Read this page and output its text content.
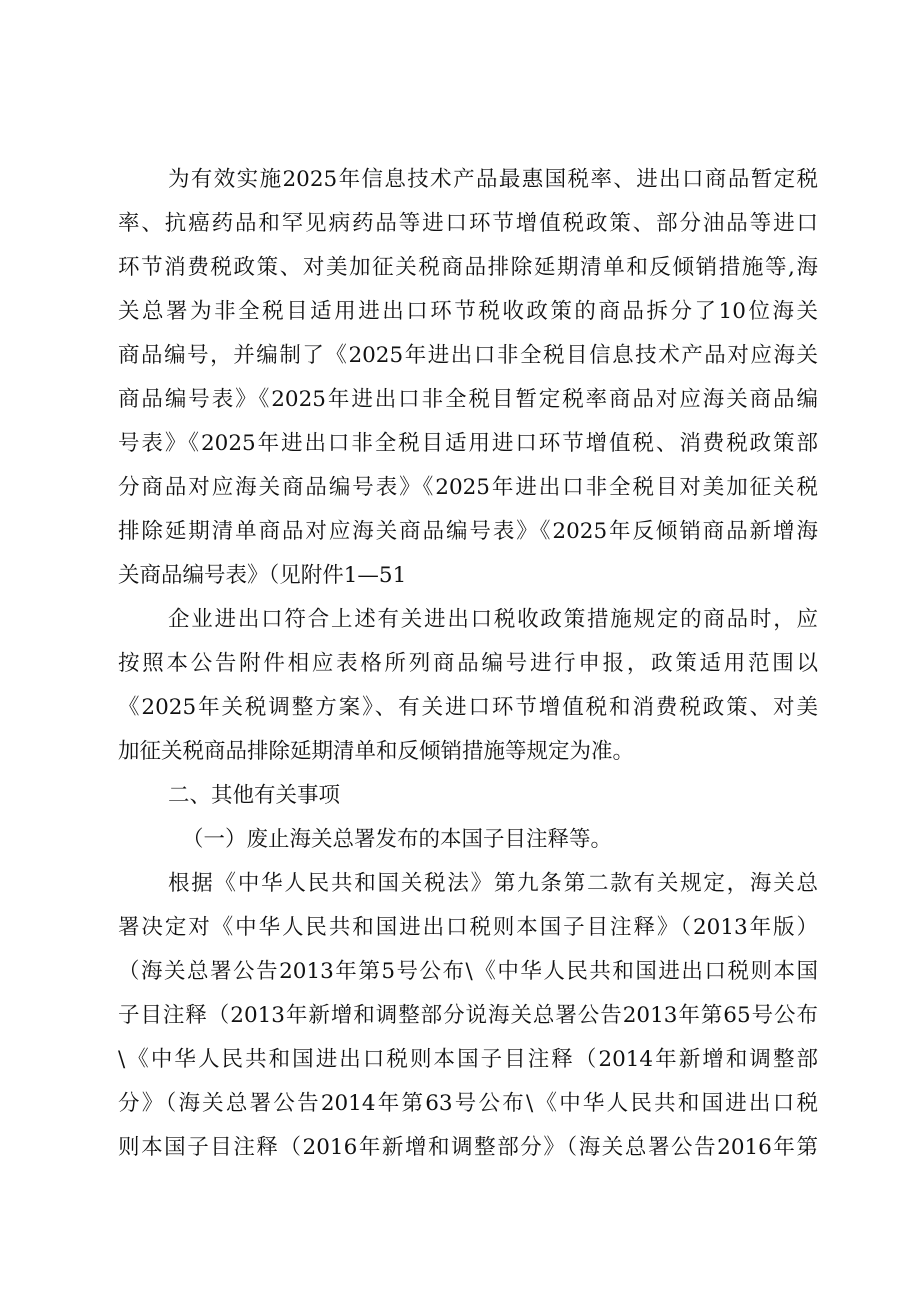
为有效实施2025年信息技术产品最惠国税率、进出口商品暂定税
率、抗癌药品和罕见病药品等进口环节增值税政策、部分油品等进口
环节消费税政策、对美加征关税商品排除延期清单和反倾销措施等,海
关总署为非全税目适用进出口环节税收政策的商品拆分了10位海关
商品编号，并编制了《2025年进出口非全税目信息技术产品对应海关
商品编号表》《2025年进出口非全税目暂定税率商品对应海关商品编
号表》《2025年进出口非全税目适用进口环节增值税、消费税政策部
分商品对应海关商品编号表》《2025年进出口非全税目对美加征关税
排除延期清单商品对应海关商品编号表》《2025年反倾销商品新增海
关商品编号表》（见附件1—51
企业进出口符合上述有关进出口税收政策措施规定的商品时，应
按照本公告附件相应表格所列商品编号进行申报，政策适用范围以
《2025年关税调整方案》、有关进口环节增值税和消费税政策、对美
加征关税商品排除延期清单和反倾销措施等规定为准。
二、其他有关事项
（一）废止海关总署发布的本国子目注释等。
根据《中华人民共和国关税法》第九条第二款有关规定，海关总
署决定对《中华人民共和国进出口税则本国子目注释》（2013年版）
（海关总署公告2013年第5号公布\《中华人民共和国进出口税则本国
子目注释（2013年新增和调整部分说海关总署公告2013年第65号公布
\《中华人民共和国进出口税则本国子目注释（2014年新增和调整部
分》（海关总署公告2014年第63号公布\《中华人民共和国进出口税
则本国子目注释（2016年新增和调整部分》（海关总署公告2016年第
